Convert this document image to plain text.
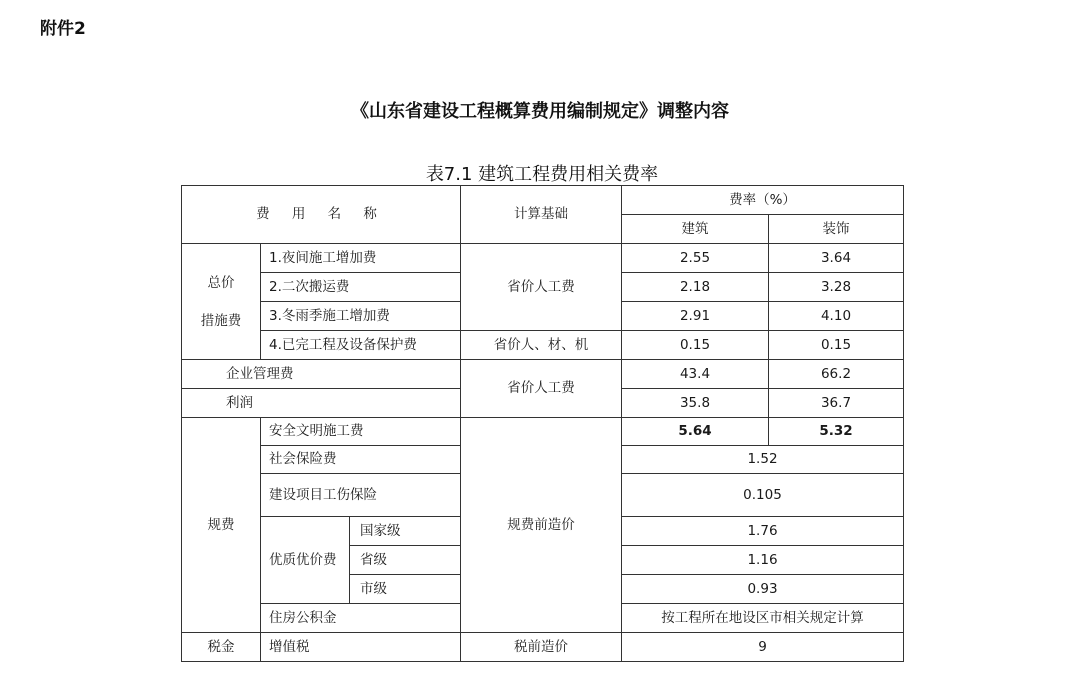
附件2
《山东省建设工程概算费用编制规定》调整内容
表7.1 建筑工程费用相关费率
费 用 名 称			计算基础	费率（%）	
				建筑	装饰

总价
措施费	1.夜间施工增加费		省价人工费	2.55	3.64
	2.二次搬运费			2.18	3.28
	3.冬雨季施工增加费			2.91	4.10
	4.已完工程及设备保护费		省价人、材、机	0.15	0.15
企业管理费			省价人工费	43.4	66.2
利润				35.8	36.7
规费	安全文明施工费		规费前造价	5.64	5.32
	社会保险费			1.52	
	建设项目工伤保险			0.105	
	优质优价费	国家级		1.76	
		省级		1.16	
		市级		0.93	
	住房公积金			按工程所在地设区市相关规定计算	
税金	增值税		税前造价	9	
